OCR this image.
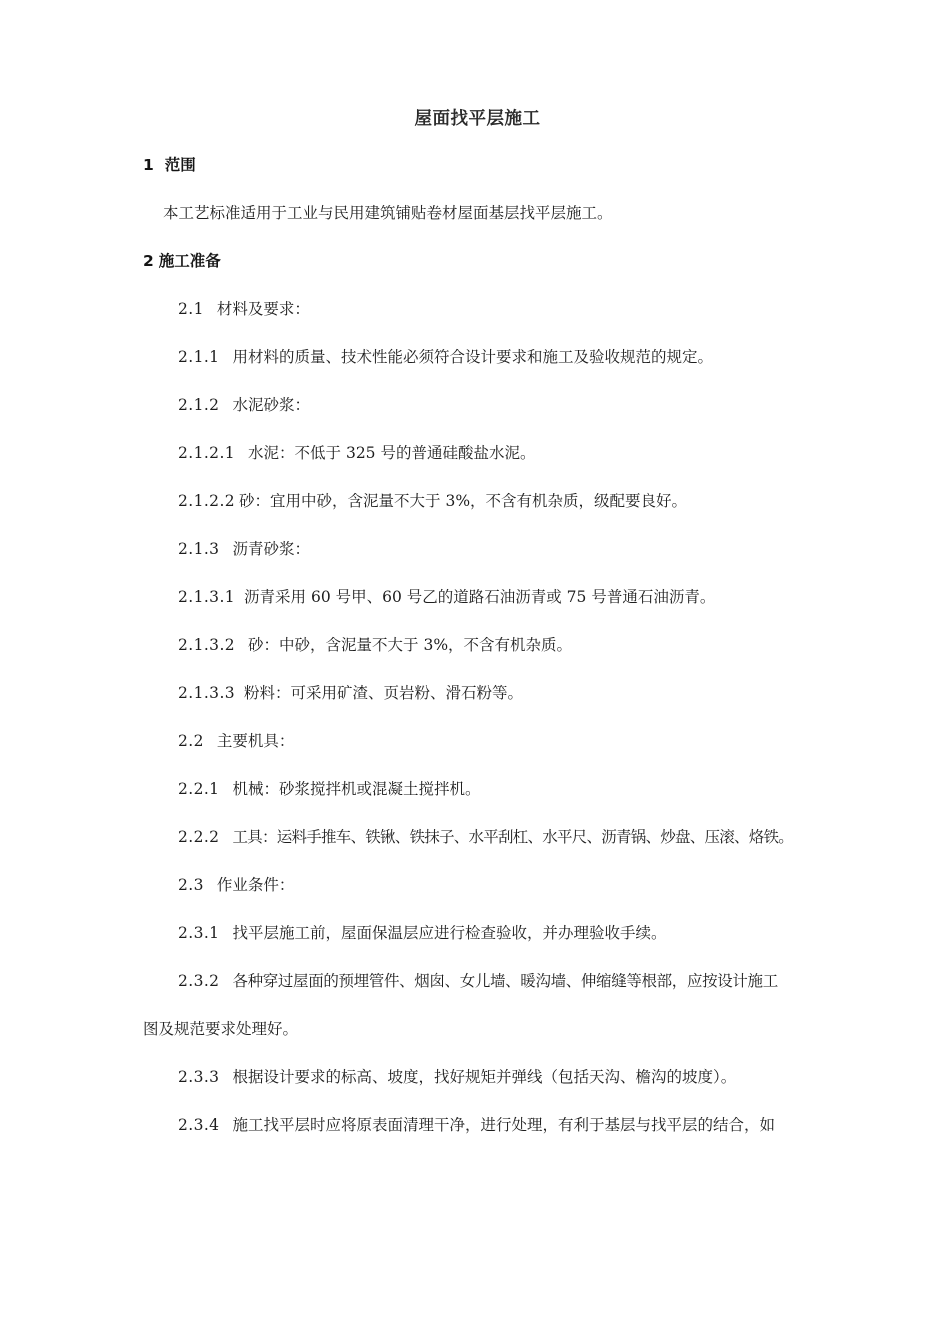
屋面找平层施工
1 范围

本工艺标准适用于工业与民用建筑铺贴卷材屋面基层找平层施工。

2 施工准备

2.1 材料及要求：

2.1.1 用材料的质量、技术性能必须符合设计要求和施工及验收规范的规定。

2.1.2 水泥砂浆：

2.1.2.1 水泥：不低于 325 号的普通硅酸盐水泥。

2.1.2.2 砂：宜用中砂，含泥量不大于 3%，不含有机杂质，级配要良好。

2.1.3 沥青砂浆：

2.1.3.1 沥青采用 60 号甲、60 号乙的道路石油沥青或 75 号普通石油沥青。

2.1.3.2 砂：中砂，含泥量不大于 3%，不含有机杂质。

2.1.3.3 粉料：可采用矿渣、页岩粉、滑石粉等。

2.2 主要机具：

2.2.1 机械：砂浆搅拌机或混凝土搅拌机。

2.2.2 工具：运料手推车、铁锹、铁抹子、水平刮杠、水平尺、沥青锅、炒盘、压滚、烙铁。

2.3 作业条件：

2.3.1 找平层施工前，屋面保温层应进行检查验收，并办理验收手续。

2.3.2 各种穿过屋面的预埋管件、烟囱、女儿墙、暖沟墙、伸缩缝等根部，应按设计施工

图及规范要求处理好。

2.3.3 根据设计要求的标高、坡度，找好规矩并弹线（包括天沟、檐沟的坡度）。

2.3.4 施工找平层时应将原表面清理干净，进行处理，有利于基层与找平层的结合，如
